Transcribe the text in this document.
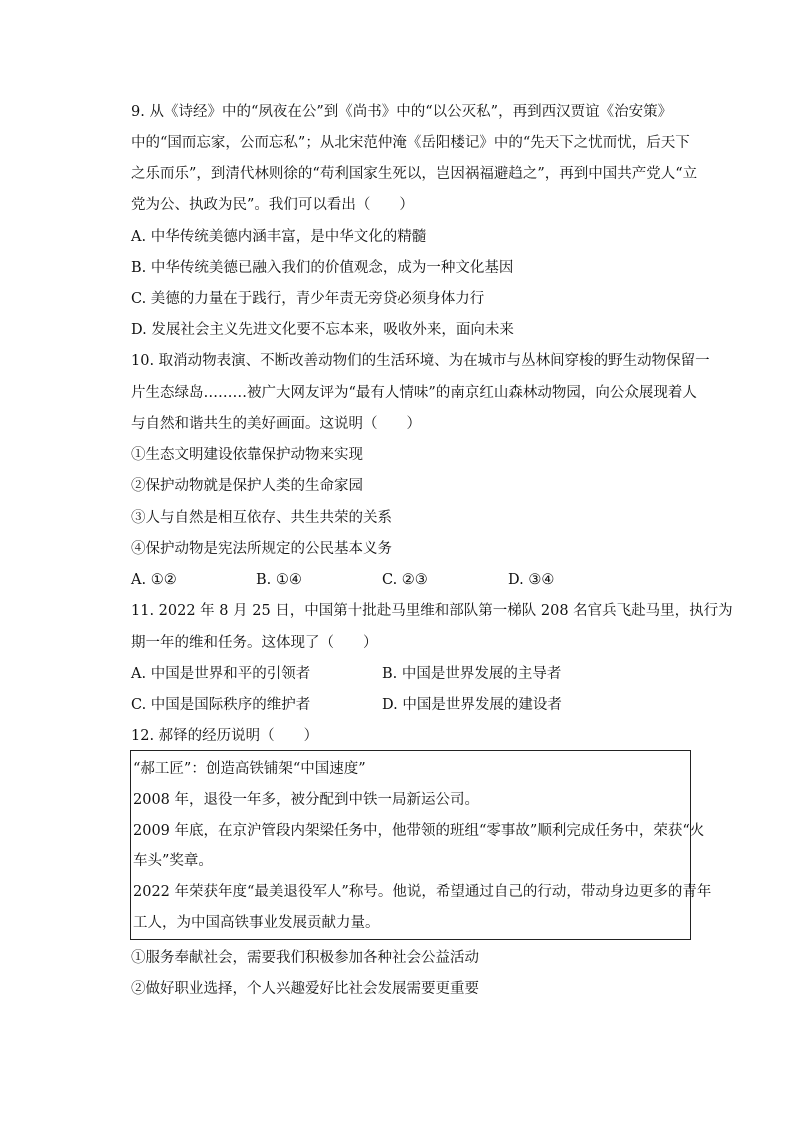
9. 从《诗经》中的“夙夜在公”到《尚书》中的“以公灭私”，再到西汉贾谊《治安策》
中的“国而忘家，公而忘私”；从北宋范仲淹《岳阳楼记》中的“先天下之忧而忧，后天下
之乐而乐”，到清代林则徐的“苟利国家生死以，岂因祸福避趋之”，再到中国共产党人“立
党为公、执政为民”。我们可以看出（　　）
A. 中华传统美德内涵丰富，是中华文化的精髓
B. 中华传统美德已融入我们的价值观念，成为一种文化基因
C. 美德的力量在于践行，青少年责无旁贷必须身体力行
D. 发展社会主义先进文化要不忘本来，吸收外来，面向未来
10. 取消动物表演、不断改善动物们的生活环境、为在城市与丛林间穿梭的野生动物保留一
片生态绿岛………被广大网友评为“最有人情味”的南京红山森林动物园，向公众展现着人
与自然和谐共生的美好画面。这说明（　　）
①生态文明建设依靠保护动物来实现
②保护动物就是保护人类的生命家园
③人与自然是相互依存、共生共荣的关系
④保护动物是宪法所规定的公民基本义务
A. ①②	B. ①④	C. ②③	D. ③④
11. 2022 年 8 月 25 日，中国第十批赴马里维和部队第一梯队 208 名官兵飞赴马里，执行为
期一年的维和任务。这体现了（　　）
A. 中国是世界和平的引领者	B. 中国是世界发展的主导者
C. 中国是国际秩序的维护者	D. 中国是世界发展的建设者
12. 郝铎的经历说明（　　）
“郝工匠”：创造高铁铺架“中国速度”
2008 年，退役一年多，被分配到中铁一局新运公司。
2009 年底，在京沪管段内架梁任务中，他带领的班组“零事故”顺利完成任务中，荣获“火
车头”奖章。
2022 年荣获年度“最美退役军人”称号。他说，希望通过自己的行动，带动身边更多的青年
工人，为中国高铁事业发展贡献力量。
①服务奉献社会，需要我们积极参加各种社会公益活动
②做好职业选择，个人兴趣爱好比社会发展需要更重要
